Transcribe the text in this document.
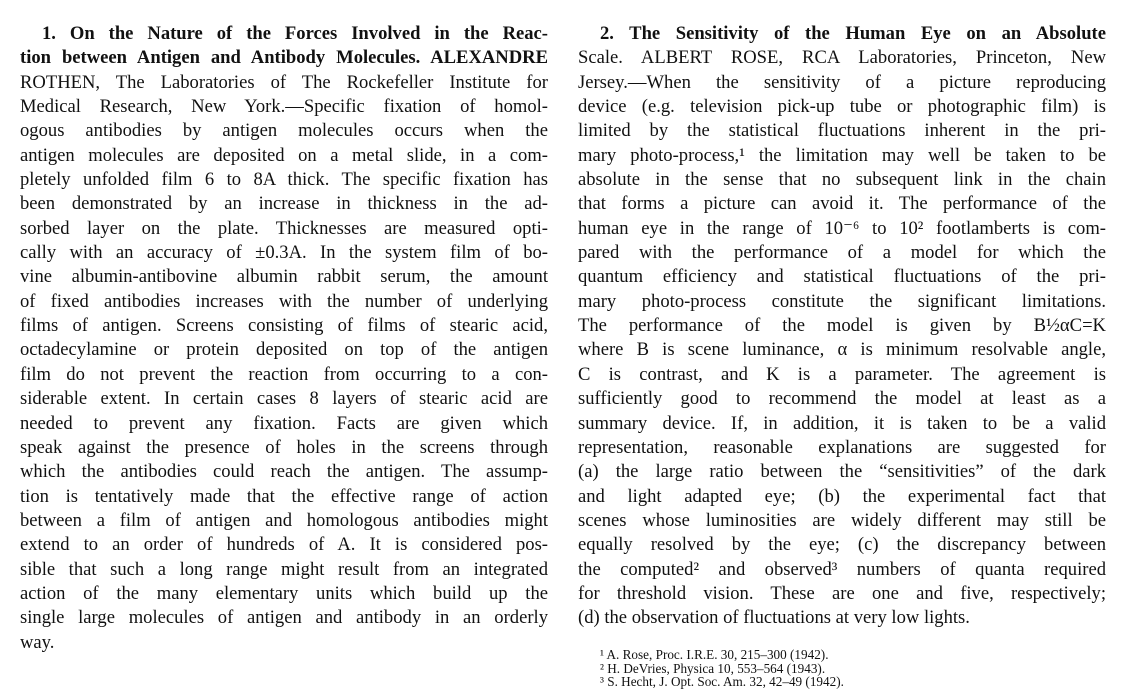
1. On the Nature of the Forces Involved in the Reac-
tion between Antigen and Antibody Molecules. ALEXANDRE
ROTHEN, The Laboratories of The Rockefeller Institute for
Medical Research, New York.—Specific fixation of homol-
ogous antibodies by antigen molecules occurs when the
antigen molecules are deposited on a metal slide, in a com-
pletely unfolded film 6 to 8A thick. The specific fixation has
been demonstrated by an increase in thickness in the ad-
sorbed layer on the plate. Thicknesses are measured opti-
cally with an accuracy of ±0.3A. In the system film of bo-
vine albumin-antibovine albumin rabbit serum, the amount
of fixed antibodies increases with the number of underlying
films of antigen. Screens consisting of films of stearic acid,
octadecylamine or protein deposited on top of the antigen
film do not prevent the reaction from occurring to a con-
siderable extent. In certain cases 8 layers of stearic acid are
needed to prevent any fixation. Facts are given which
speak against the presence of holes in the screens through
which the antibodies could reach the antigen. The assump-
tion is tentatively made that the effective range of action
between a film of antigen and homologous antibodies might
extend to an order of hundreds of A. It is considered pos-
sible that such a long range might result from an integrated
action of the many elementary units which build up the
single large molecules of antigen and antibody in an orderly
way.
2. The Sensitivity of the Human Eye on an Absolute
Scale. ALBERT ROSE, RCA Laboratories, Princeton, New
Jersey.—When the sensitivity of a picture reproducing
device (e.g. television pick-up tube or photographic film) is
limited by the statistical fluctuations inherent in the pri-
mary photo-process,¹ the limitation may well be taken to be
absolute in the sense that no subsequent link in the chain
that forms a picture can avoid it. The performance of the
human eye in the range of 10⁻⁶ to 10² footlamberts is com-
pared with the performance of a model for which the
quantum efficiency and statistical fluctuations of the pri-
mary photo-process constitute the significant limitations.
The performance of the model is given by B½αC=K
where B is scene luminance, α is minimum resolvable angle,
C is contrast, and K is a parameter. The agreement is
sufficiently good to recommend the model at least as a
summary device. If, in addition, it is taken to be a valid
representation, reasonable explanations are suggested for
(a) the large ratio between the “sensitivities” of the dark
and light adapted eye; (b) the experimental fact that
scenes whose luminosities are widely different may still be
equally resolved by the eye; (c) the discrepancy between
the computed² and observed³ numbers of quanta required
for threshold vision. These are one and five, respectively;
(d) the observation of fluctuations at very low lights.
¹ A. Rose, Proc. I.R.E. 30, 215–300 (1942).
² H. DeVries, Physica 10, 553–564 (1943).
³ S. Hecht, J. Opt. Soc. Am. 32, 42–49 (1942).
